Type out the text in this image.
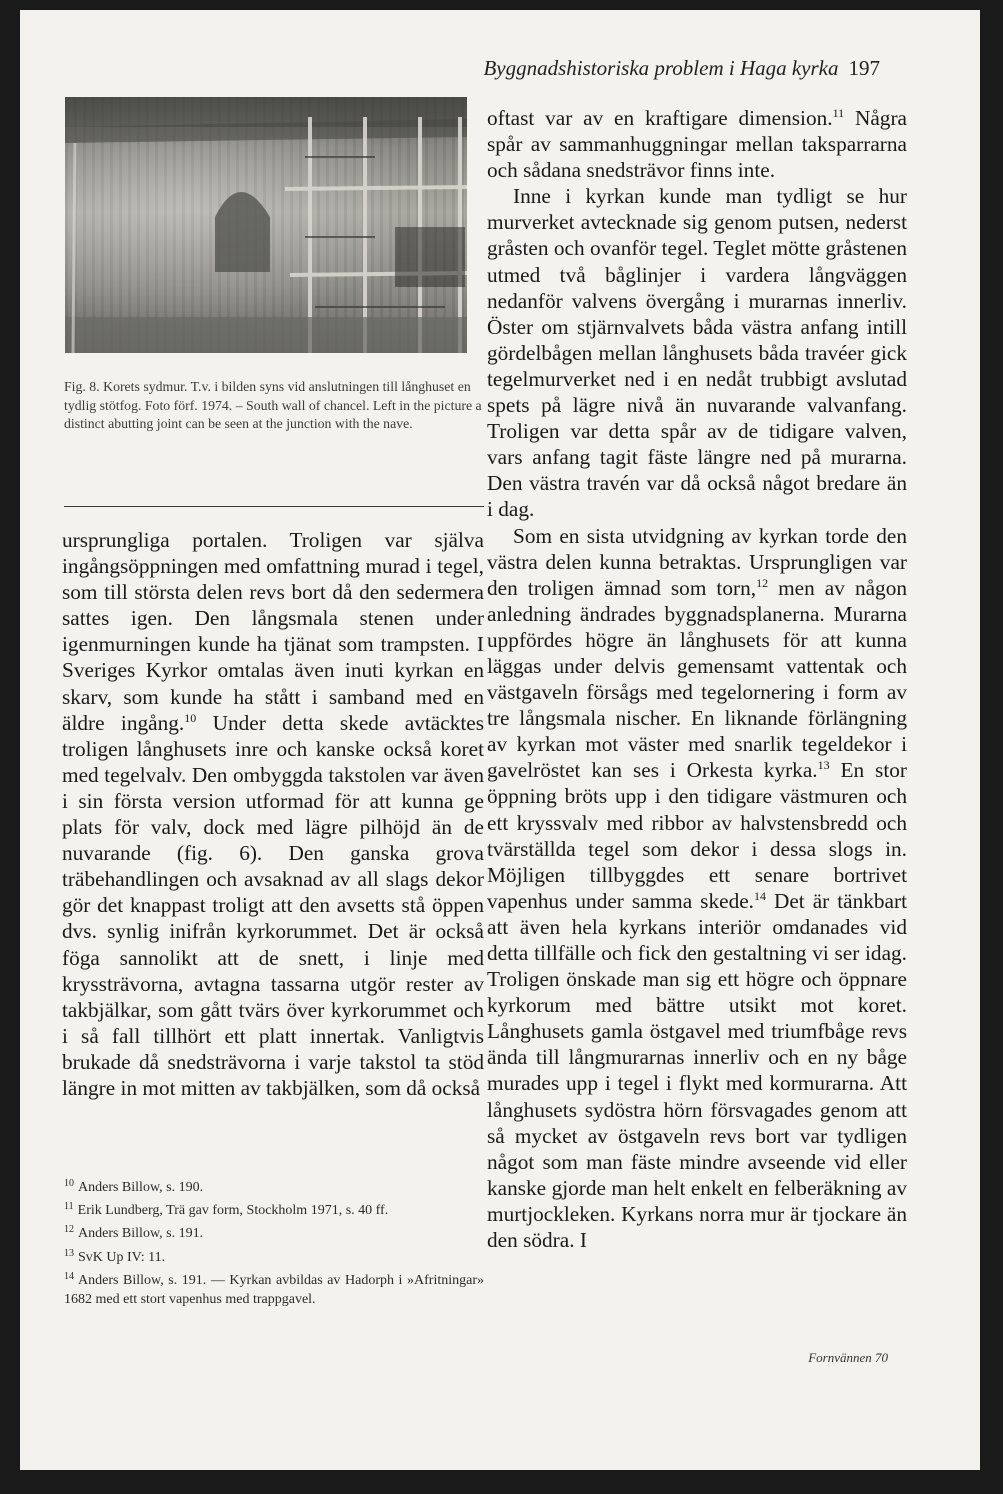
Byggnadshistoriska problem i Haga kyrka 197
Fig. 8. Korets sydmur. T.v. i bilden syns vid anslutningen till långhuset en tydlig stötfog. Foto förf. 1974. – South wall of chancel. Left in the picture a distinct abutting joint can be seen at the junction with the nave.

ursprungliga portalen. Troligen var själva ingångsöppningen med omfattning murad i tegel, som till största delen revs bort då den sedermera sattes igen. Den långsmala stenen under igenmurningen kunde ha tjänat som trampsten. I Sveriges Kyrkor omtalas även inuti kyrkan en skarv, som kunde ha stått i samband med en äldre ingång.$^{10}$ Under detta skede avtäcktes troligen långhusets inre och kanske också koret med tegelvalv. Den ombyggda takstolen var även i sin första version utformad för att kunna ge plats för valv, dock med lägre pilhöjd än de nuvarande (fig. 6). Den ganska grova träbehandlingen och avsaknad av all slags dekor gör det knappast troligt att den avsetts stå öppen dvs. synlig inifrån kyrkorummet. Det är också föga sannolikt att de snett, i linje med kryssträvorna, avtagna tassarna utgör rester av takbjälkar, som gått tvärs över kyrkorummet och i så fall tillhört ett platt innertak. Vanligtvis brukade då snedsträvorna i varje takstol ta stöd längre in mot mitten av takbjälken, som då också

oftast var av en kraftigare dimension.$^{11}$ Några spår av sammanhuggningar mellan taksparrarna och sådana snedsträvor finns inte.

Inne i kyrkan kunde man tydligt se hur murverket avtecknade sig genom putsen, nederst gråsten och ovanför tegel. Teglet mötte gråstenen utmed två båglinjer i vardera långväggen nedanför valvens övergång i murarnas innerliv. Öster om stjärnvalvets båda västra anfang intill gördelbågen mellan långhusets båda travéer gick tegelmurverket ned i en nedåt trubbigt avslutad spets på lägre nivå än nuvarande valvanfang. Troligen var detta spår av de tidigare valven, vars anfang tagit fäste längre ned på murarna. Den västra travén var då också något bredare än i dag.

Som en sista utvidgning av kyrkan torde den västra delen kunna betraktas. Ursprungligen var den troligen ämnad som torn,$^{12}$ men av någon anledning ändrades byggnadsplanerna. Murarna uppfördes högre än långhusets för att kunna läggas under delvis gemensamt vattentak och västgaveln försågs med tegelornering i form av tre långsmala nischer. En liknande förlängning av kyrkan mot väster med snarlik tegeldekor i gavelröstet kan ses i Orkesta kyrka.$^{13}$ En stor öppning bröts upp i den tidigare västmuren och ett kryssvalv med ribbor av halvstensbredd och tvärställda tegel som dekor i dessa slogs in. Möjligen tillbyggdes ett senare bortrivet vapenhus under samma skede.$^{14}$ Det är tänkbart att även hela kyrkans interiör omdanades vid detta tillfälle och fick den gestaltning vi ser idag. Troligen önskade man sig ett högre och öppnare kyrkorum med bättre utsikt mot koret. Långhusets gamla östgavel med triumfbåge revs ända till långmurarnas innerliv och en ny båge murades upp i tegel i flykt med kormurarna. Att långhusets sydöstra hörn försvagades genom att så mycket av östgaveln revs bort var tydligen något som man fäste mindre avseende vid eller kanske gjorde man helt enkelt en felberäkning av murtjockleken. Kyrkans norra mur är tjockare än den södra. I

$^{10}$ Anders Billow, s. 190.

$^{11}$ Erik Lundberg, Trä gav form, Stockholm 1971, s. 40 ff.

$^{12}$ Anders Billow, s. 191.

$^{13}$ SvK Up IV: 11.

$^{14}$ Anders Billow, s. 191. — Kyrkan avbildas av Hadorph i »Afritningar» 1682 med ett stort vapenhus med trappgavel.

Fornvännen 70
